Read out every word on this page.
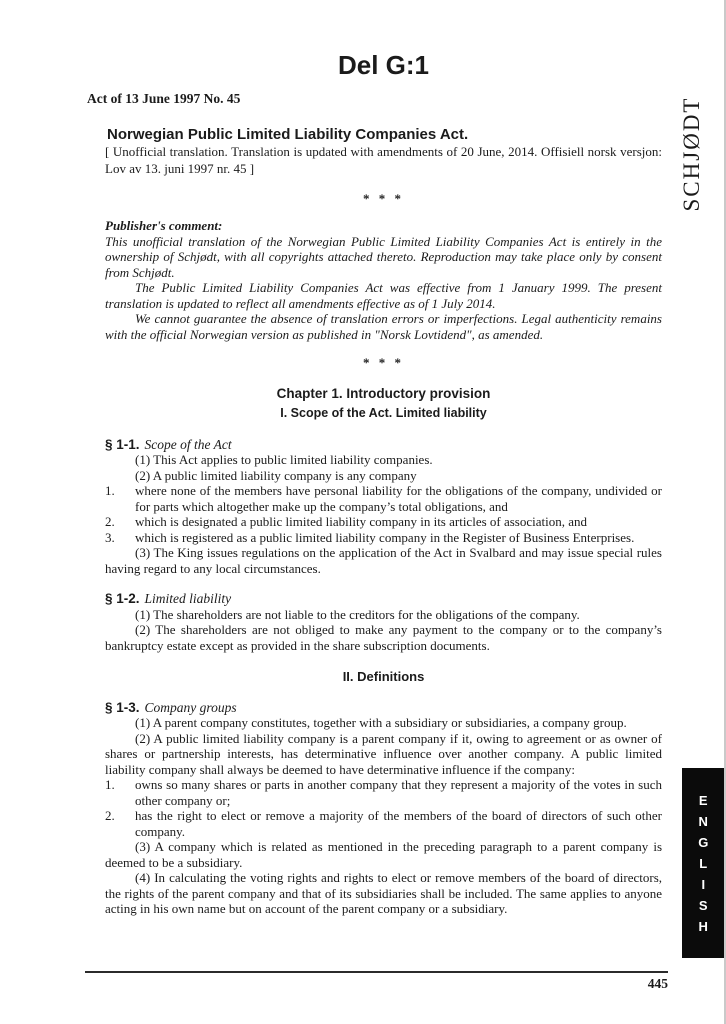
Del G:1
Act of 13 June 1997 No. 45
Norwegian Public Limited Liability Companies Act.

[ Unofficial translation. Translation is updated with amendments of 20 June, 2014. Offisiell norsk versjon: Lov av 13. juni 1997 nr. 45 ]

* * *

Publisher's comment:

This unofficial translation of the Norwegian Public Limited Liability Companies Act is entirely in the ownership of Schjødt, with all copyrights attached thereto. Reproduction may take place only by consent from Schjødt.

The Public Limited Liability Companies Act was effective from 1 January 1999. The present translation is updated to reflect all amendments effective as of 1 July 2014.

We cannot guarantee the absence of translation errors or imperfections. Legal authenticity remains with the official Norwegian version as published in "Norsk Lovtidend", as amended.

* * *
Chapter 1. Introductory provision
I. Scope of the Act. Limited liability
§ 1-1. Scope of the Act

(1) This Act applies to public limited liability companies.

(2) A public limited liability company is any company

1. where none of the members have personal liability for the obligations of the company, undivided or for parts which altogether make up the company’s total obligations, and

2. which is designated a public limited liability company in its articles of association, and

3. which is registered as a public limited liability company in the Register of Business Enterprises.

(3) The King issues regulations on the application of the Act in Svalbard and may issue special rules having regard to any local circumstances.

§ 1-2. Limited liability

(1) The shareholders are not liable to the creditors for the obligations of the company.

(2) The shareholders are not obliged to make any payment to the company or to the company’s bankruptcy estate except as provided in the share subscription documents.

II. Definitions
§ 1-3. Company groups

(1) A parent company constitutes, together with a subsidiary or subsidiaries, a company group.

(2) A public limited liability company is a parent company if it, owing to agreement or as owner of shares or partnership interests, has determinative influence over another company. A public limited liability company shall always be deemed to have determinative influence if the company:

1. owns so many shares or parts in another company that they represent a majority of the votes in such other company or;

2. has the right to elect or remove a majority of the members of the board of directors of such other company.

(3) A company which is related as mentioned in the preceding paragraph to a parent company is deemed to be a subsidiary.

(4) In calculating the voting rights and rights to elect or remove members of the board of directors, the rights of the parent company and that of its subsidiaries shall be included. The same applies to anyone acting in his own name but on account of the parent company or a subsidiary.

SCHJØDT
ENGLISH
445
